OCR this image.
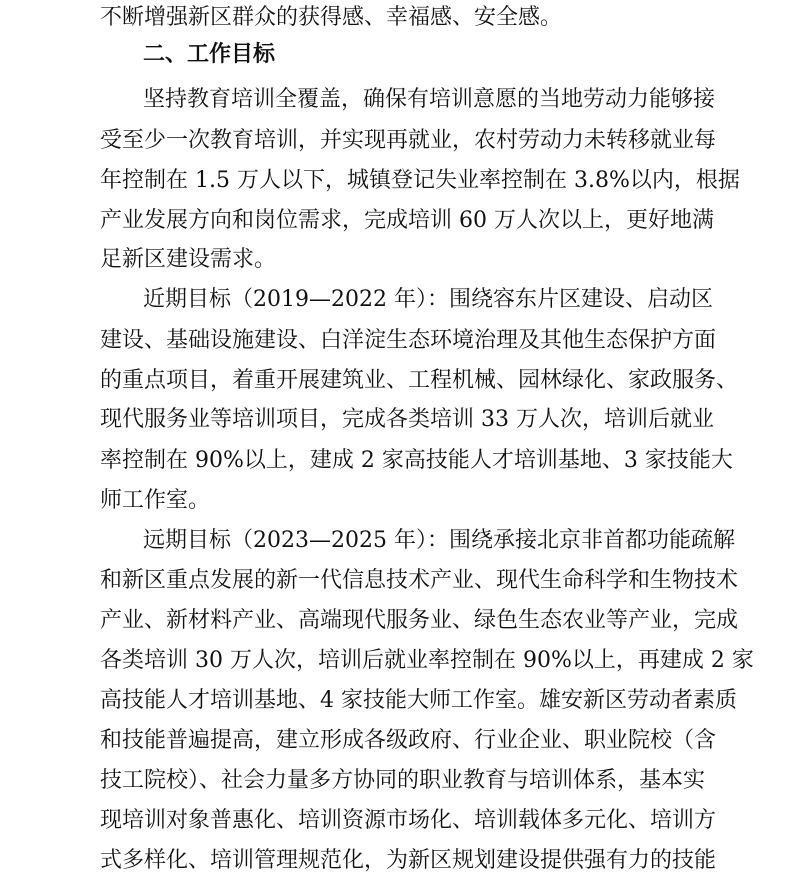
不断增强新区群众的获得感、幸福感、安全感。
二、工作目标
坚持教育培训全覆盖，确保有培训意愿的当地劳动力能够接
受至少一次教育培训，并实现再就业，农村劳动力未转移就业每
年控制在 1.5 万人以下，城镇登记失业率控制在 3.8%以内，根据
产业发展方向和岗位需求，完成培训 60 万人次以上，更好地满
足新区建设需求。
近期目标（2019—2022 年）：围绕容东片区建设、启动区
建设、基础设施建设、白洋淀生态环境治理及其他生态保护方面
的重点项目，着重开展建筑业、工程机械、园林绿化、家政服务、
现代服务业等培训项目，完成各类培训 33 万人次，培训后就业
率控制在 90%以上，建成 2 家高技能人才培训基地、3 家技能大
师工作室。
远期目标（2023—2025 年）：围绕承接北京非首都功能疏解
和新区重点发展的新一代信息技术产业、现代生命科学和生物技术
产业、新材料产业、高端现代服务业、绿色生态农业等产业，完成
各类培训 30 万人次，培训后就业率控制在 90%以上，再建成 2 家
高技能人才培训基地、4 家技能大师工作室。雄安新区劳动者素质
和技能普遍提高，建立形成各级政府、行业企业、职业院校（含
技工院校）、社会力量多方协同的职业教育与培训体系，基本实
现培训对象普惠化、培训资源市场化、培训载体多元化、培训方
式多样化、培训管理规范化，为新区规划建设提供强有力的技能
